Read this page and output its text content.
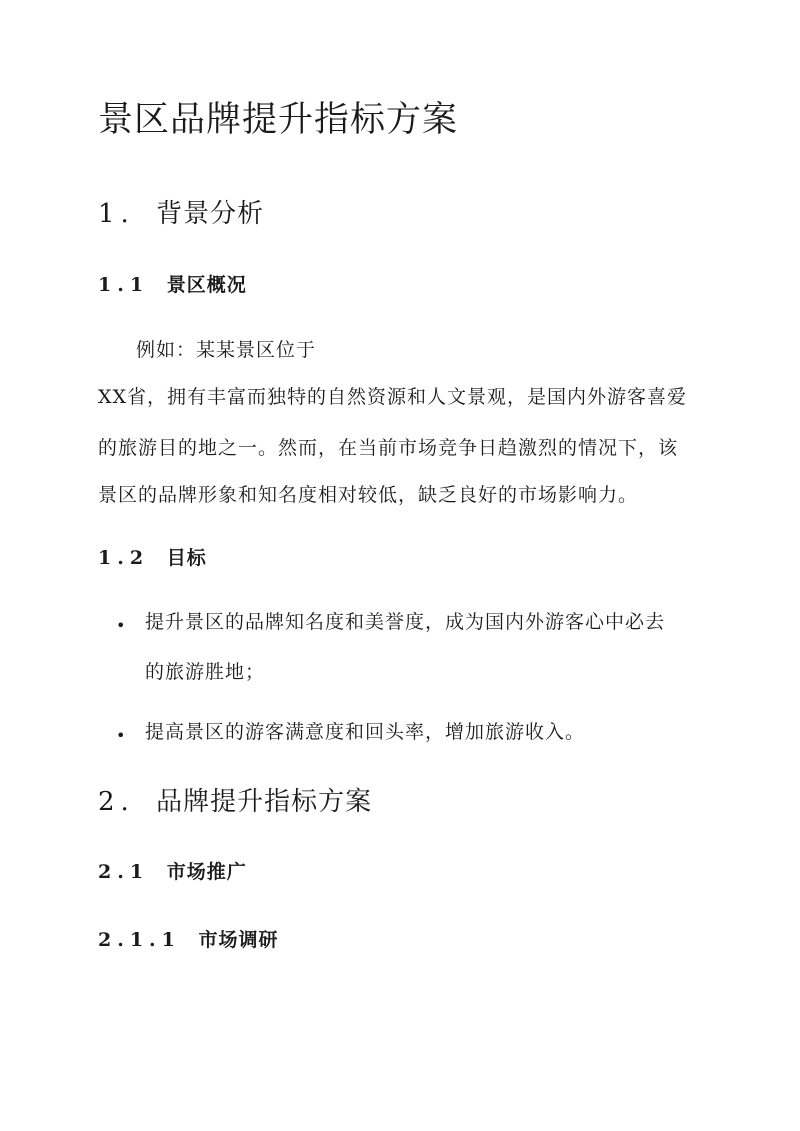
景区品牌提升指标方案
1. 背景分析
1.1 景区概况
例如：某某景区位于
XX省，拥有丰富而独特的自然资源和人文景观，是国内外游客喜爱
的旅游目的地之一。然而，在当前市场竞争日趋激烈的情况下，该
景区的品牌形象和知名度相对较低，缺乏良好的市场影响力。
1.2 目标
• 提升景区的品牌知名度和美誉度，成为国内外游客心中必去
的旅游胜地；
• 提高景区的游客满意度和回头率，增加旅游收入。
2. 品牌提升指标方案
2.1 市场推广
2.1.1 市场调研
